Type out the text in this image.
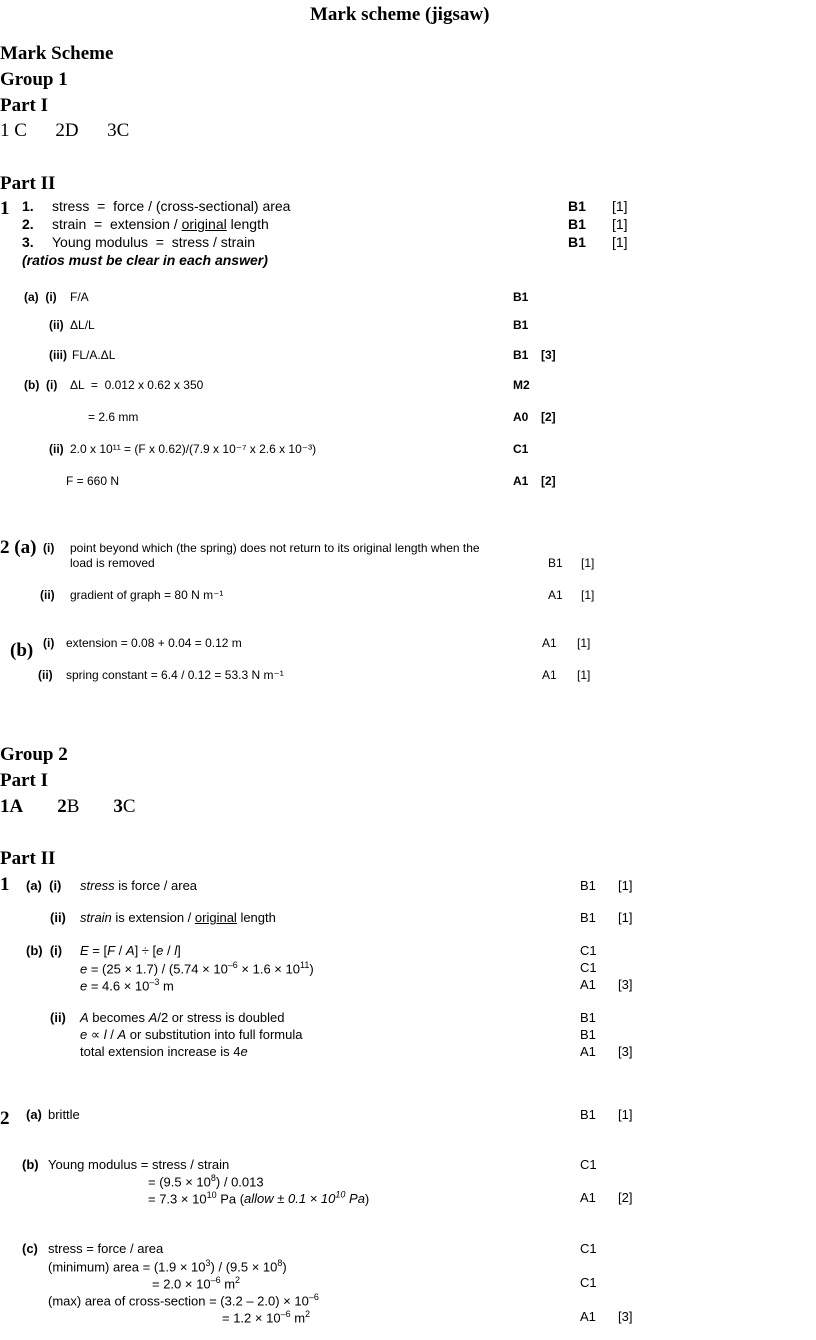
Mark scheme (jigsaw)
Mark Scheme
Group 1
Part I
1 C      2D      3C
Part II
1 1. stress  =  force / (cross-sectional) area	B1 [1]
2. strain  =  extension / original length	B1 [1]
3. Young modulus  =  stress / strain	B1 [1]
(ratios must be clear in each answer)
(a)  (i) F/A	B1
(ii) ΔL/L	B1
(iii) FL/A.ΔL	B1 [3]
(b)  (i) ΔL  =  0.012 x 0.62 x 350	M2
= 2.6 mm	A0 [2]
(ii) 2.0 x 10¹¹ = (F x 0.62)/(7.9 x 10⁻⁷ x 2.6 x 10⁻³)	C1
F = 660 N	A1 [2]
2 (a) (i) point beyond which (the spring) does not return to its original length when the
load is removed	B1 [1]
(ii) gradient of graph = 80 N m⁻¹	A1 [1]
(b) (i) extension = 0.08 + 0.04 = 0.12 m	A1 [1]
(ii) spring constant = 6.4 / 0.12 = 53.3 N m⁻¹	A1 [1]
Group 2
Part I
1A 2B 3C
Part II
1 (a)  (i) stress is force / area	B1 [1]
(ii) strain is extension / original length	B1 [1]
(b)  (i) E = [F / A] ÷ [e / l]	C1
$e = (25 \times 1.7) / (5.74 \times 10^{-6} \times 1.6 \times 10^{11})$	C1
$e = 4.6 \times 10^{-3}$ m	A1 [3]
(ii) A becomes A/2 or stress is doubled	B1
e ∝ l / A or substitution into full formula	B1
total extension increase is 4e	A1 [3]
2 (a) brittle	B1 [1]
(b) Young modulus = stress / strain	C1
= $(9.5 \times 10^8) / 0.013$
= $7.3 \times 10^{10}$ Pa (allow ± $0.1 \times 10^{10}$ Pa)	A1 [2]
(c) stress = force / area	C1
(minimum) area = $(1.9 \times 10^3) / (9.5 \times 10^8)$
= $2.0 \times 10^{-6}$ $m^2$	C1
(max) area of cross-section = $(3.2 - 2.0) \times 10^{-6}$
= $1.2 \times 10^{-6}$ $m^2$	A1 [3]
